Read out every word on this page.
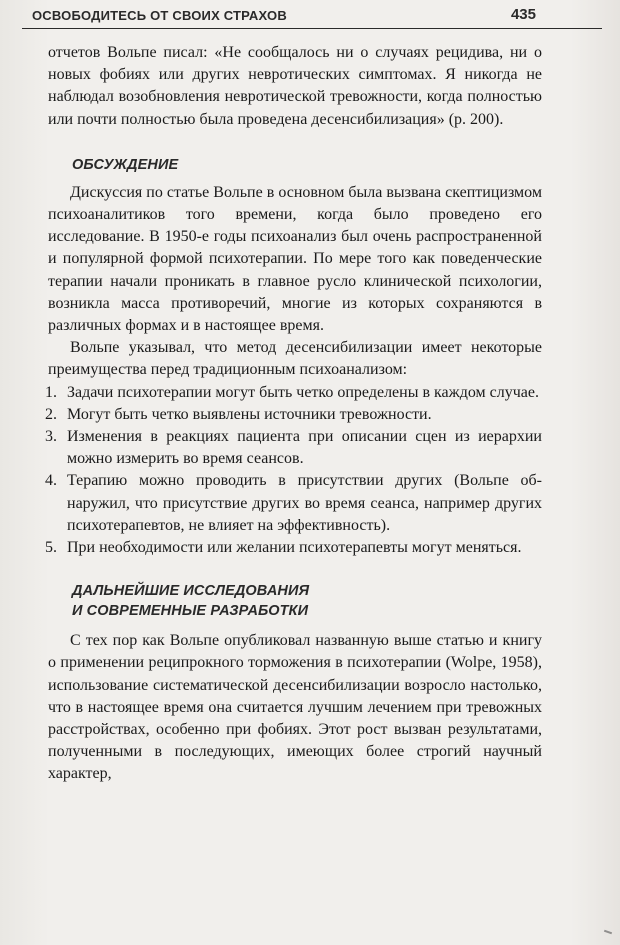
ОСВОБОДИТЕСЬ ОТ СВОИХ СТРАХОВ	435

отчетов Вольпе писал: «Не сообщалось ни о случаях рецидива, ни о новых фобиях или других невротических симптомах. Я никогда не наблюдал возобновления невротической тревожности, когда полностью или почти полностью была проведена десенсибилизация» (p. 200).

ОБСУЖДЕНИЕ

Дискуссия по статье Вольпе в основном была вызвана скептицизмом психоаналитиков того времени, когда было проведено его исследование. В 1950-е годы психоанализ был очень распространенной и популярной формой психотерапии. По мере того как поведенческие терапии начали проникать в главное русло клинической психологии, возникла масса противоречий, многие из которых сохраняются в различных формах и в настоящее время.

Вольпе указывал, что метод десенсибилизации имеет некоторые преимущества перед традиционным психоанализом:

1. Задачи психотерапии могут быть четко определены в каждом случае.
2. Могут быть четко выявлены источники тревожности.
3. Изменения в реакциях пациента при описании сцен из иерархии можно измерить во время сеансов.
4. Терапию можно проводить в присутствии других (Вольпе обнаружил, что присутствие других во время сеанса, например других психотерапевтов, не влияет на эффективность).
5. При необходимости или желании психотерапевты могут меняться.
ДАЛЬНЕЙШИЕ ИССЛЕДОВАНИЯ
И СОВРЕМЕННЫЕ РАЗРАБОТКИ

С тех пор как Вольпе опубликовал названную выше статью и книгу о применении реципрокного торможения в психотерапии (Wolpe, 1958), использование систематической десенсибилизации возросло настолько, что в настоящее время она считается лучшим лечением при тревожных расстройствах, особенно при фобиях. Этот рост вызван результатами, полученными в последующих, имеющих более строгий научный характер,
